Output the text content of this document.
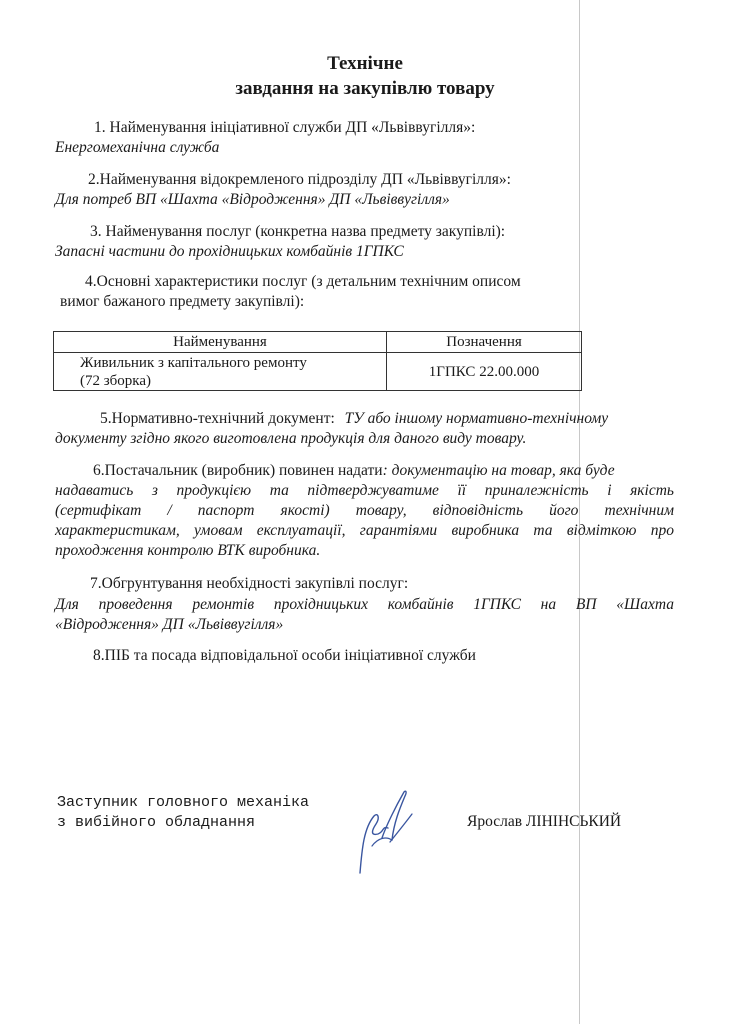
Технічне
завдання на закупівлю товару
1. Найменування ініціативної служби ДП «Львіввугілля»:
Енергомеханічна служба
2.Найменування відокремленого підрозділу ДП «Львіввугілля»:
Для потреб ВП «Шахта «Відродження» ДП «Львіввугілля»
3. Найменування послуг (конкретна назва предмету закупівлі):
Запасні частини до прохідницьких комбайнів 1ГПКС
4.Основні характеристики послуг (з детальним технічним описом
вимог бажаного предмету закупівлі):
Найменування	Позначення

Живильник з капітального ремонту
(72 зборка)	1ГПКС 22.00.000
5.Нормативно-технічний документ: ТУ або іншому нормативно-технічному
документу згідно якого виготовлена продукція для даного виду товару.
6.Постачальник (виробник) повинен надати: документацію на товар, яка буде
надаватись з продукцією та підтверджуватиме її приналежність і якість
(сертифікат / паспорт якості) товару, відповідність його технічним
характеристикам, умовам експлуатації, гарантіями виробника та відміткою про
проходження контролю ВТК виробника.
7.Обгрунтування необхідності закупівлі послуг:
Для проведення ремонтів прохідницьких комбайнів 1ГПКС на ВП «Шахта
«Відродження» ДП «Львіввугілля»
8.ПІБ та посада відповідальної особи ініціативної служби
Заступник головного механіка
з вибійного обладнання	Ярослав ЛІНІНСЬКИЙ
